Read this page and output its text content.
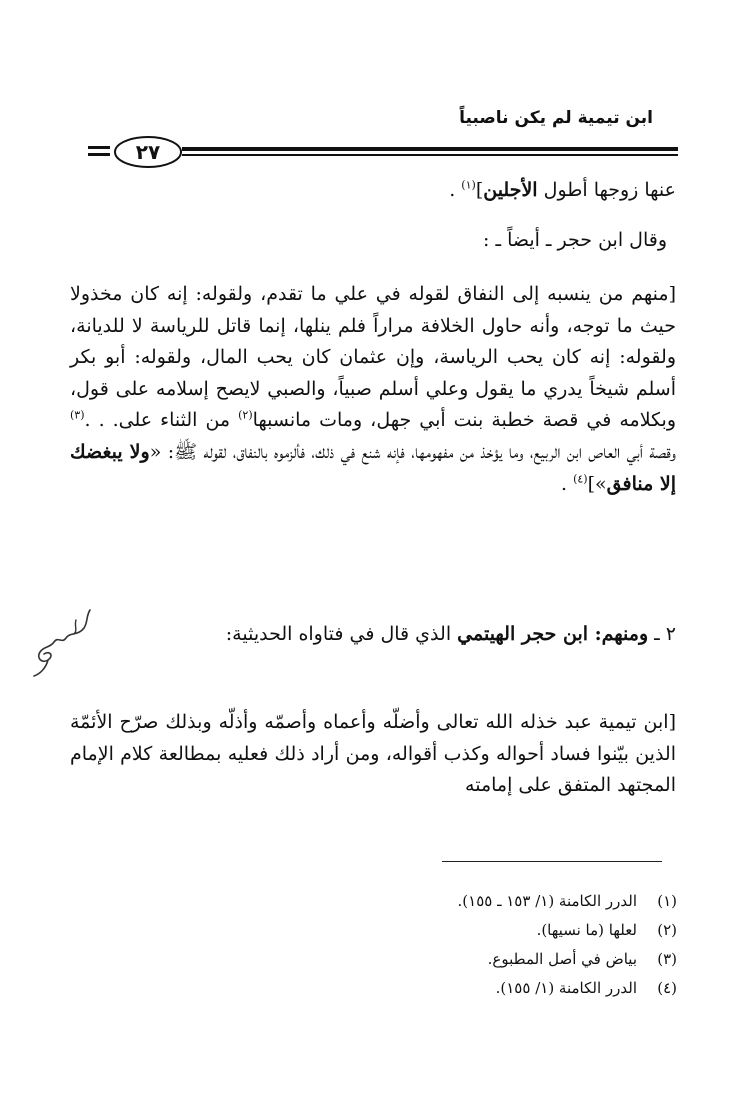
ابن تيمية لم يكن ناصبياً
٢٧

عنها زوجها أطول الأجلين]$^{(١)}$ .

وقال ابن حجر ـ أيضاً ـ :

[منهم من ينسبه إلى النفاق لقوله في علي ما تقدم، ولقوله: إنه كان مخذولا حيث ما توجه، وأنه حاول الخلافة مراراً فلم ينلها، إنما قاتل للرياسة لا للديانة، ولقوله: إنه كان يحب الرياسة، وإن عثمان كان يحب المال، ولقوله: أبو بكر أسلم شيخاً يدري ما يقول وعلي أسلم صبياً، والصبي لايصح إسلامه على قول، وبكلامه في قصة خطبة بنت أبي جهل، ومات مانسبها$^{(٢)}$ من الثناء على. . .$^{(٣)}$ وقصة أبي العاص ابن الربيع، وما يؤخذ من مفهومها، فإنه شنع في ذلك، فألزموه بالنفاق، لقوله ﷺ: «ولا يبغضك إلا منافق»]$^{(٤)}$ .

٢ ـ ومنهم: ابن حجر الهيتمي الذي قال في فتاواه الحديثية:

[ابن تيمية عبد خذله الله تعالى وأضلّه وأعماه وأصمّه وأذلّه وبذلك صرّح الأئمّة الذين بيّنوا فساد أحواله وكذب أقواله، ومن أراد ذلك فعليه بمطالعة كلام الإمام المجتهد المتفق على إمامته

الهيتمي
(١)
الدرر الكامنة (١/ ١٥٣ ـ ١٥٥).
(٢)
لعلها (ما نسيها).
(٣)
بياض في أصل المطبوع.
(٤)
الدرر الكامنة (١/ ١٥٥).
